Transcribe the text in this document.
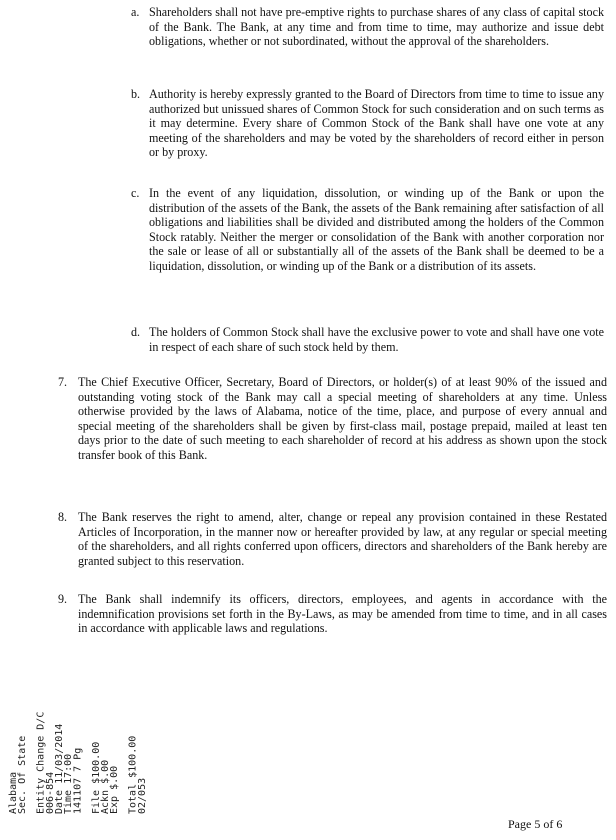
a. Shareholders shall not have pre-emptive rights to purchase shares of any class of capital stock of the Bank. The Bank, at any time and from time to time, may authorize and issue debt obligations, whether or not subordinated, without the approval of the shareholders.

b. Authority is hereby expressly granted to the Board of Directors from time to time to issue any authorized but unissued shares of Common Stock for such consideration and on such terms as it may determine. Every share of Common Stock of the Bank shall have one vote at any meeting of the shareholders and may be voted by the shareholders of record either in person or by proxy.

c. In the event of any liquidation, dissolution, or winding up of the Bank or upon the distribution of the assets of the Bank, the assets of the Bank remaining after satisfaction of all obligations and liabilities shall be divided and distributed among the holders of the Common Stock ratably. Neither the merger or consolidation of the Bank with another corporation nor the sale or lease of all or substantially all of the assets of the Bank shall be deemed to be a liquidation, dissolution, or winding up of the Bank or a distribution of its assets.

d. The holders of Common Stock shall have the exclusive power to vote and shall have one vote in respect of each share of such stock held by them.

7. The Chief Executive Officer, Secretary, Board of Directors, or holder(s) of at least 90% of the issued and outstanding voting stock of the Bank may call a special meeting of shareholders at any time. Unless otherwise provided by the laws of Alabama, notice of the time, place, and purpose of every annual and special meeting of the shareholders shall be given by first-class mail, postage prepaid, mailed at least ten days prior to the date of such meeting to each shareholder of record at his address as shown upon the stock transfer book of this Bank.

8. The Bank reserves the right to amend, alter, change or repeal any provision contained in these Restated Articles of Incorporation, in the manner now or hereafter provided by law, at any regular or special meeting of the shareholders, and all rights conferred upon officers, directors and shareholders of the Bank hereby are granted subject to this reservation.

9. The Bank shall indemnify its officers, directors, employees, and agents in accordance with the indemnification provisions set forth in the By-Laws, as may be amended from time to time, and in all cases in accordance with applicable laws and regulations.

Alabama
Sec. Of State Entity Change D/C
006-854
Date 11/03/2014
Time 17:00
141107 7 Pg File $100.00
Ackn $.00
Exp $.00 Total $100.00
02/053
Page 5 of 6
